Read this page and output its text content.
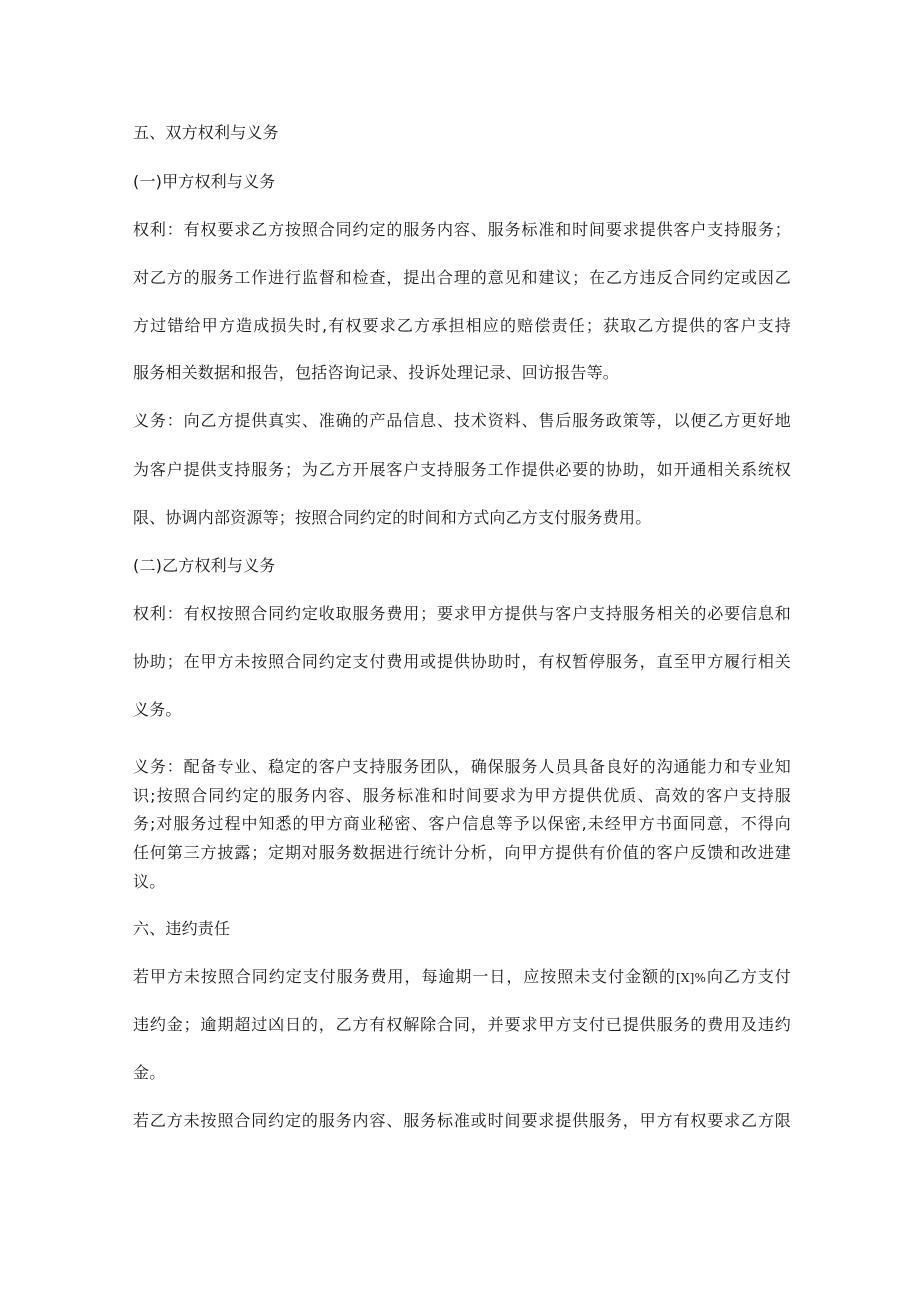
五、双方权利与义务
(一)甲方权利与义务
权利：有权要求乙方按照合同约定的服务内容、服务标准和时间要求提供客户支持服务；
对乙方的服务工作进行监督和检查，提出合理的意见和建议；在乙方违反合同约定或因乙
方过错给甲方造成损失时,有权要求乙方承担相应的赔偿责任；获取乙方提供的客户支持
服务相关数据和报告，包括咨询记录、投诉处理记录、回访报告等。
义务：向乙方提供真实、准确的产品信息、技术资料、售后服务政策等，以便乙方更好地
为客户提供支持服务；为乙方开展客户支持服务工作提供必要的协助，如开通相关系统权
限、协调内部资源等；按照合同约定的时间和方式向乙方支付服务费用。
(二)乙方权利与义务
权利：有权按照合同约定收取服务费用；要求甲方提供与客户支持服务相关的必要信息和
协助；在甲方未按照合同约定支付费用或提供协助时，有权暂停服务，直至甲方履行相关
义务。
义务：配备专业、稳定的客户支持服务团队，确保服务人员具备良好的沟通能力和专业知
识;按照合同约定的服务内容、服务标准和时间要求为甲方提供优质、高效的客户支持服
务;对服务过程中知悉的甲方商业秘密、客户信息等予以保密,未经甲方书面同意，不得向
任何第三方披露；定期对服务数据进行统计分析，向甲方提供有价值的客户反馈和改进建
议。
六、违约责任
若甲方未按照合同约定支付服务费用，每逾期一日，应按照未支付金额的[X]%向乙方支付
违约金；逾期超过凶日的，乙方有权解除合同，并要求甲方支付已提供服务的费用及违约
金。
若乙方未按照合同约定的服务内容、服务标准或时间要求提供服务，甲方有权要求乙方限
